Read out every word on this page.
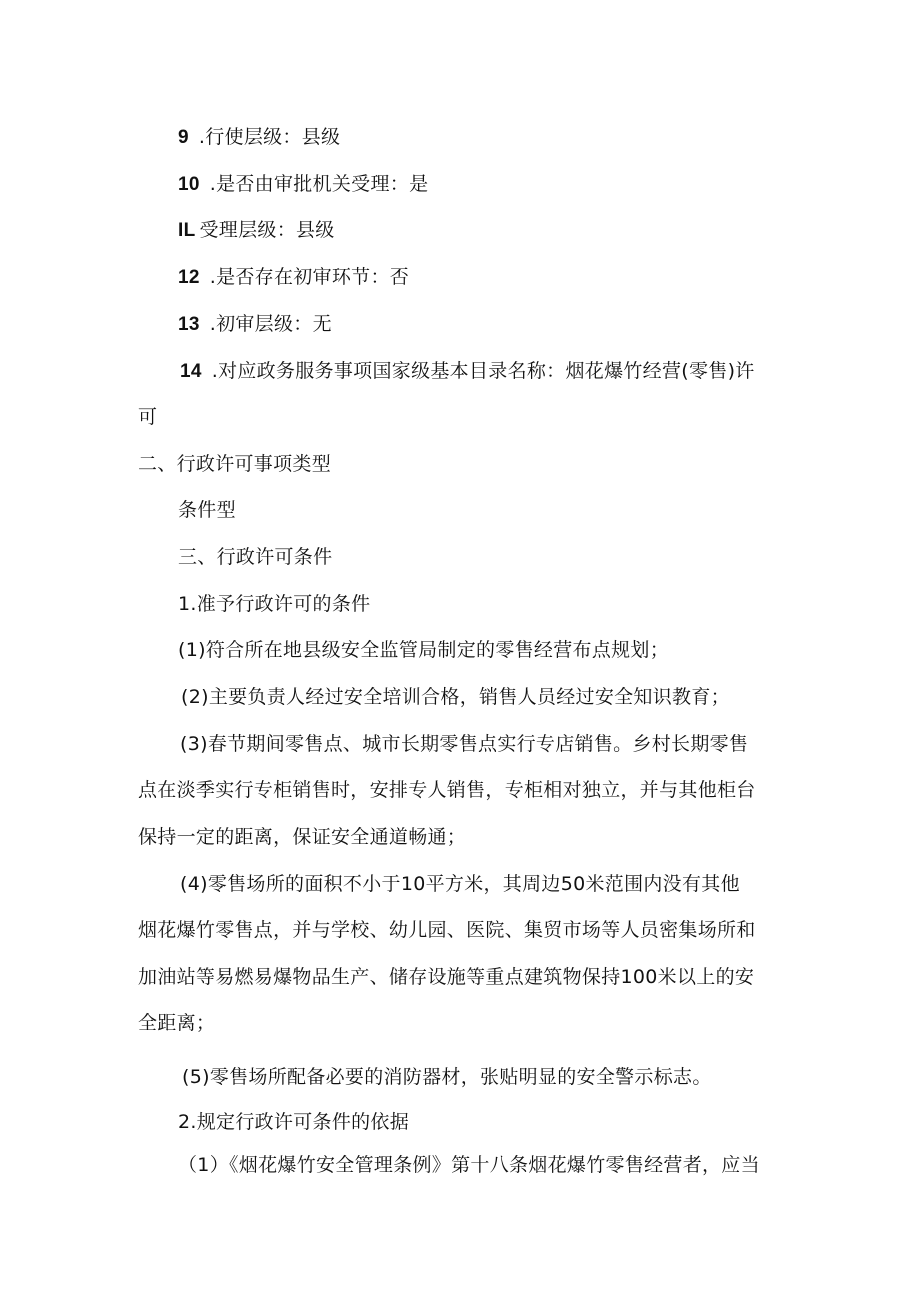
9 .行使层级：县级
10 .是否由审批机关受理：是
IL 受理层级：县级
12 .是否存在初审环节：否
13 .初审层级：无
14 .对应政务服务事项国家级基本目录名称：烟花爆竹经营(零售)许
可
二、行政许可事项类型
条件型
三、行政许可条件
1.准予行政许可的条件
(1)符合所在地县级安全监管局制定的零售经营布点规划；
(2)主要负责人经过安全培训合格，销售人员经过安全知识教育；
(3)春节期间零售点、城市长期零售点实行专店销售。乡村长期零售
点在淡季实行专柜销售时，安排专人销售，专柜相对独立，并与其他柜台
保持一定的距离，保证安全通道畅通；
(4)零售场所的面积不小于10平方米，其周边50米范围内没有其他
烟花爆竹零售点，并与学校、幼儿园、医院、集贸市场等人员密集场所和
加油站等易燃易爆物品生产、储存设施等重点建筑物保持100米以上的安
全距离；
(5)零售场所配备必要的消防器材，张贴明显的安全警示标志。
2.规定行政许可条件的依据
（1）《烟花爆竹安全管理条例》第十八条烟花爆竹零售经营者，应当
